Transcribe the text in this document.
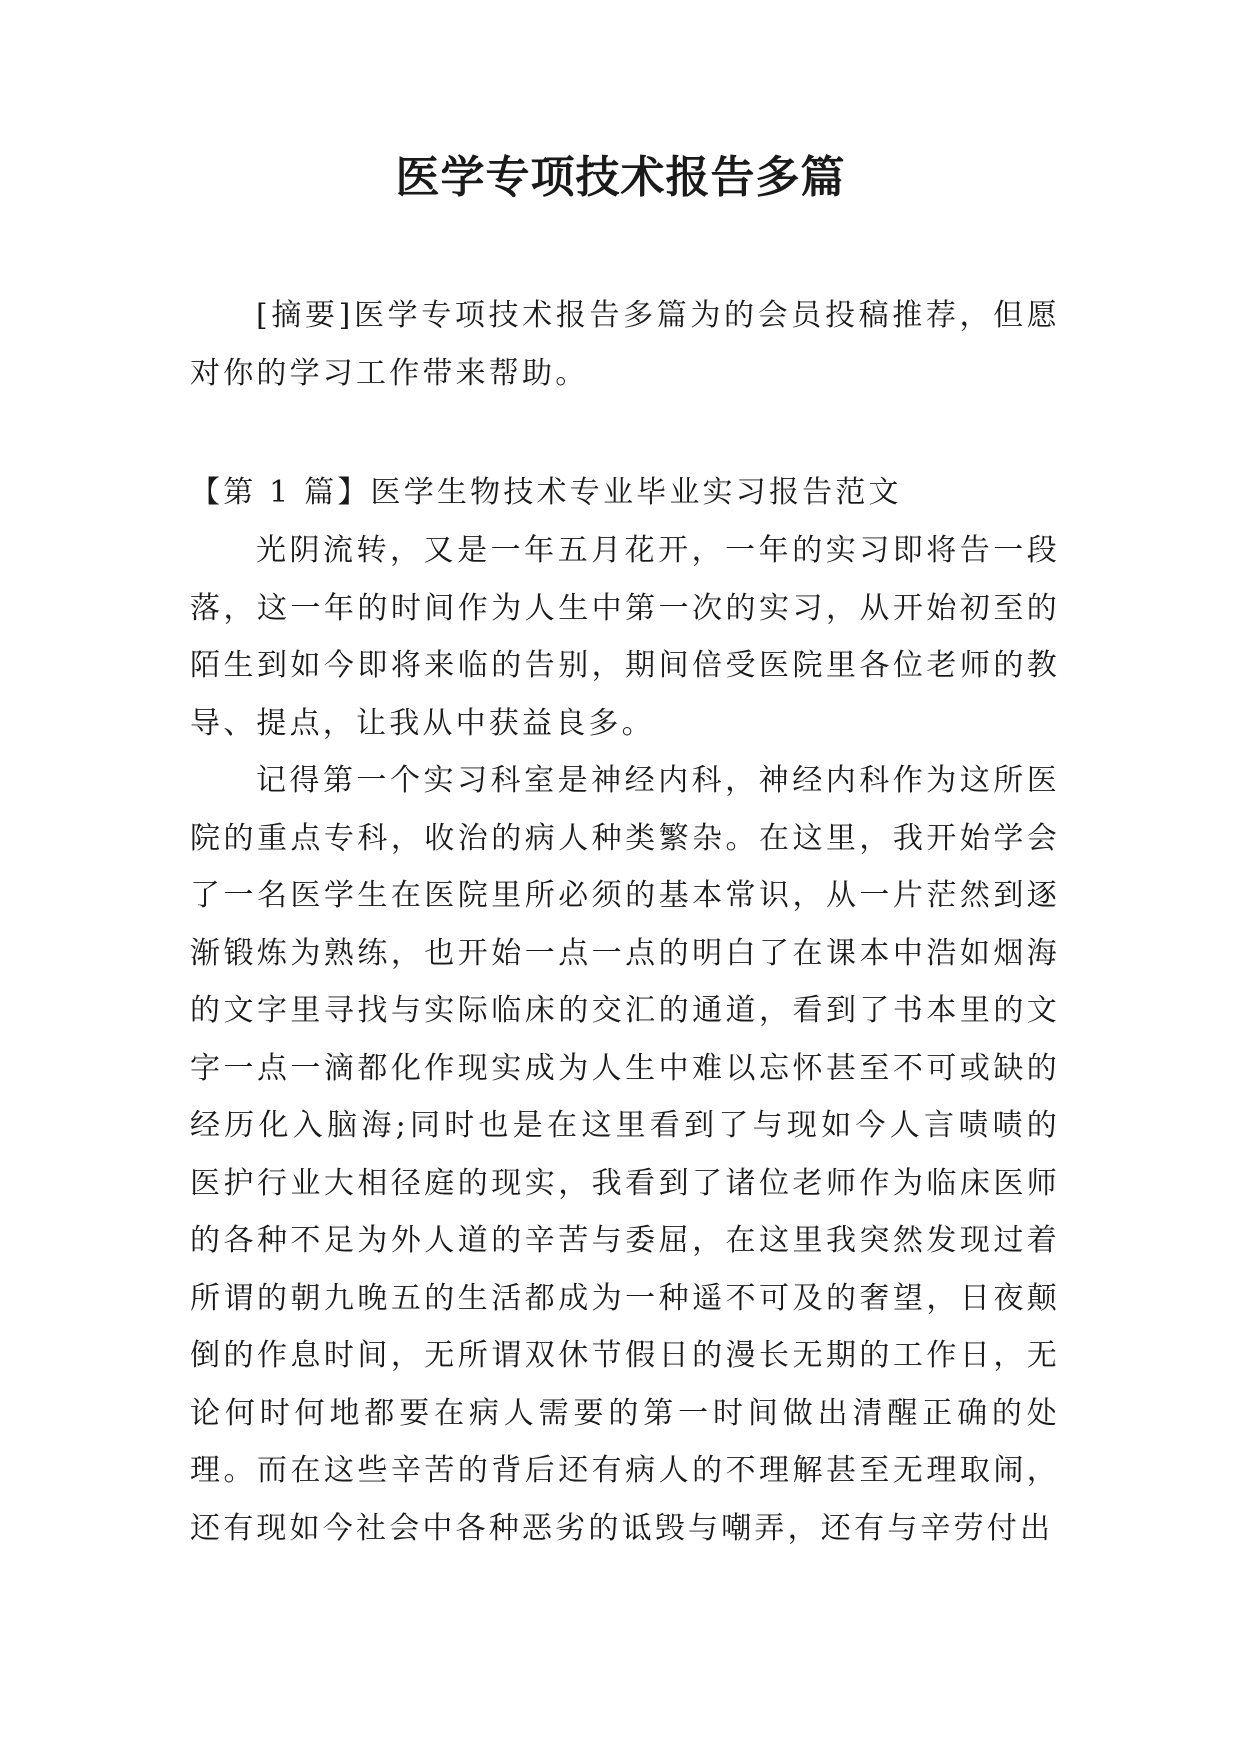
医学专项技术报告多篇

[摘要]医学专项技术报告多篇为的会员投稿推荐，但愿对你的学习工作带来帮助。

【第 1 篇】医学生物技术专业毕业实习报告范文

光阴流转，又是一年五月花开，一年的实习即将告一段落，这一年的时间作为人生中第一次的实习，从开始初至的陌生到如今即将来临的告别，期间倍受医院里各位老师的教导、提点，让我从中获益良多。

记得第一个实习科室是神经内科，神经内科作为这所医院的重点专科，收治的病人种类繁杂。在这里，我开始学会了一名医学生在医院里所必须的基本常识，从一片茫然到逐渐锻炼为熟练，也开始一点一点的明白了在课本中浩如烟海的文字里寻找与实际临床的交汇的通道，看到了书本里的文字一点一滴都化作现实成为人生中难以忘怀甚至不可或缺的经历化入脑海;同时也是在这里看到了与现如今人言啧啧的医护行业大相径庭的现实，我看到了诸位老师作为临床医师的各种不足为外人道的辛苦与委屈，在这里我突然发现过着所谓的朝九晚五的生活都成为一种遥不可及的奢望，日夜颠倒的作息时间，无所谓双休节假日的漫长无期的工作日，无论何时何地都要在病人需要的第一时间做出清醒正确的处理。而在这些辛苦的背后还有病人的不理解甚至无理取闹，还有现如今社会中各种恶劣的诋毁与嘲弄，还有与辛劳付出
